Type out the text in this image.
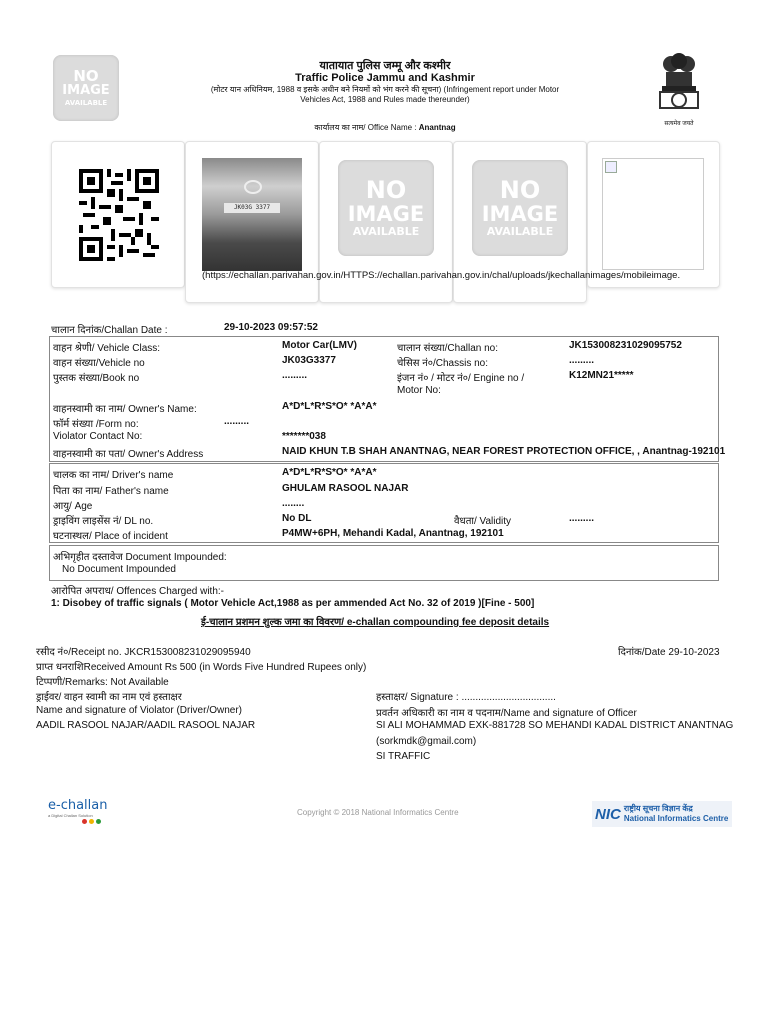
NO
IMAGE
AVAILABLE
यातायात पुलिस जम्मू और कश्मीर
Traffic Police Jammu and Kashmir
(मोटर यान अधिनियम, 1988 व इसके अधीन बने नियमों को भंग करने की सूचना) (Infringement report under Motor
Vehicles Act, 1988 and Rules made thereunder)
कार्यालय का नाम/ Office Name : Anantnag	सत्यमेव जयते
JK03G 3377
NO
IMAGE
AVAILABLE
NO
IMAGE
AVAILABLE
(https://echallan.parivahan.gov.in/HTTPS://echallan.parivahan.gov.in/chal/uploads/jkechallanimages/mobileimage.
चालान दिनांक/Challan Date :	29-10-2023 09:57:52
वाहन श्रेणी/ Vehicle Class:	Motor Car(LMV)	चालान संख्या/Challan no:	JK153008231029095752
वाहन संख्या/Vehicle no	JK03G3377	चेसिस नं०/Chassis no:	.........
पुस्तक संख्या/Book no	.........	इंजन नं० / मोटर नं०/ Engine no /
Motor No:
K12MN21*****
वाहनस्वामी का नाम/ Owner's Name:	A*D*L*R*S*O* *A*A*
फॉर्म संख्या /Form no:	.........
Violator Contact No:	*******038
वाहनस्वामी का पता/ Owner's Address	NAID KHUN T.B SHAH ANANTNAG, NEAR FOREST PROTECTION OFFICE, , Anantnag-192101
चालक का नाम/ Driver's name	A*D*L*R*S*O* *A*A*
पिता का नाम/ Father's name	GHULAM RASOOL NAJAR
आयु/ Age	........
ड्राइविंग लाइसेंस नं/ DL no.	No DL	वैधता/ Validity	.........
घटनास्थल/ Place of incident	P4MW+6PH, Mehandi Kadal, Anantnag, 192101
अभिगृहीत दस्तावेज Document Impounded:
No Document Impounded
आरोपित अपराध/ Offences Charged with:-
1: Disobey of traffic signals ( Motor Vehicle Act,1988 as per ammended Act No. 32 of 2019 )[Fine - 500]
ई-चालान प्रशमन शुल्क जमा का विवरण/ e-challan compounding fee deposit details
रसीद नं०/Receipt no. JKCR153008231029095940	दिनांक/Date 29-10-2023
प्राप्त धनराशिReceived Amount Rs 500 (in Words Five Hundred Rupees only)
टिप्पणी/Remarks: Not Available
ड्राईवर/ वाहन स्वामी का नाम एवं हस्ताक्षर
Name and signature of Violator (Driver/Owner)
AADIL RASOOL NAJAR/AADIL RASOOL NAJAR
हस्ताक्षर/ Signature : ..................................
प्रवर्तन अधिकारी का नाम व पदनाम/Name and signature of Officer
SI ALI MOHAMMAD EXK-881728 SO MEHANDI KADAL DISTRICT ANANTNAG
(sorkmdk@gmail.com)
SI TRAFFIC
e-challan
a Digital Challan Solution	Copyright © 2018 National Informatics Centre	NIC राष्ट्रीय सूचना विज्ञान केंद्र
National Informatics Centre
